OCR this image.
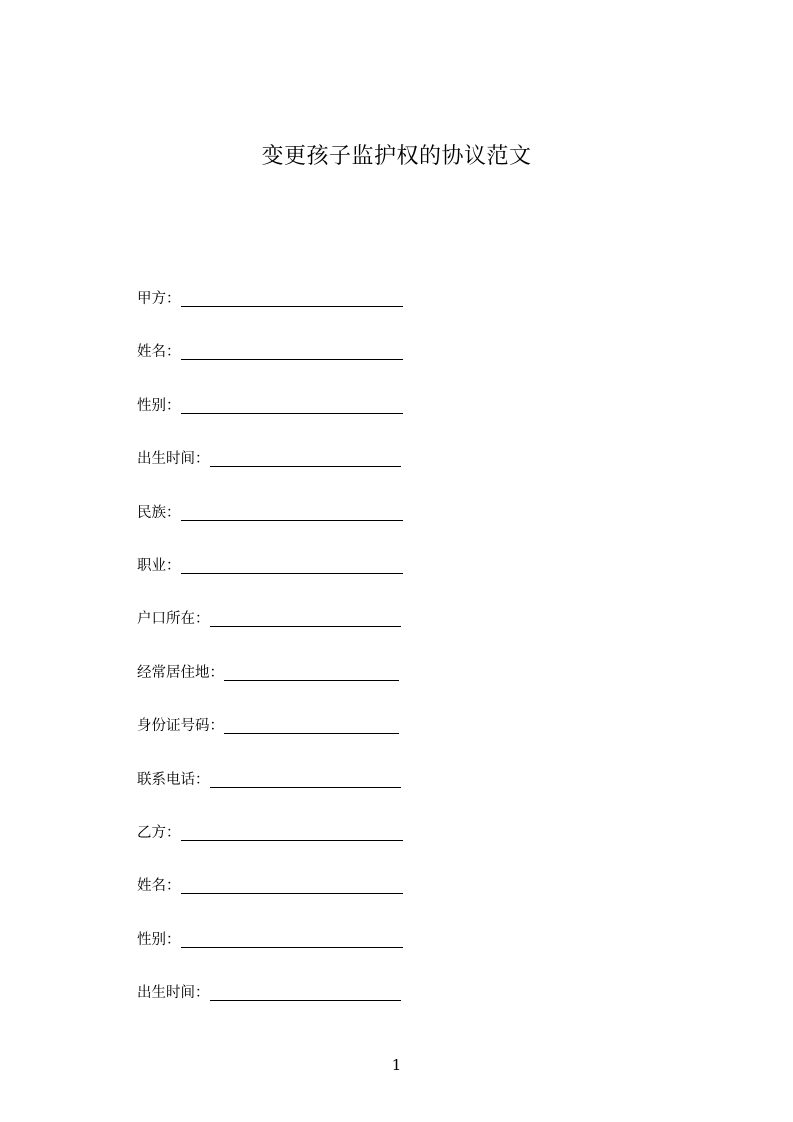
变更孩子监护权的协议范文
甲方：
姓名：
性别：
出生时间：
民族：
职业：
户口所在：
经常居住地：
身份证号码：
联系电话：
乙方：
姓名：
性别：
出生时间：
1
